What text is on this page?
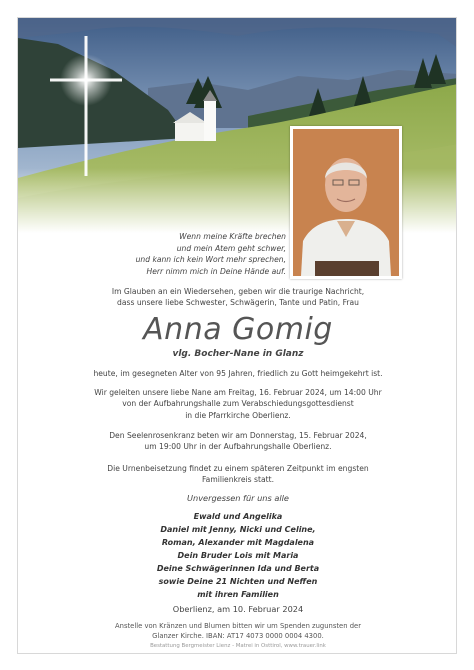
Wenn meine Kräfte brechen

und mein Atem geht schwer,

und kann ich kein Wort mehr sprechen,

Herr nimm mich in Deine Hände auf.

Im Glauben an ein Wiedersehen, geben wir die traurige Nachricht,

dass unsere liebe Schwester, Schwägerin, Tante und Patin, Frau

Anna Gomig
vlg. Bocher-Nane in Glanz
heute, im gesegneten Alter von 95 Jahren, friedlich zu Gott heimgekehrt ist.

Wir geleiten unsere liebe Nane am Freitag, 16. Februar 2024, um 14:00 Uhr

von der Aufbahrungshalle zum Verabschiedungsgottesdienst

in die Pfarrkirche Oberlienz.

Den Seelenrosenkranz beten wir am Donnerstag, 15. Februar 2024,

um 19:00 Uhr in der Aufbahrungshalle Oberlienz.

Die Urnenbeisetzung findet zu einem späteren Zeitpunkt im engsten

Familienkreis statt.

Unvergessen für uns alle

Ewald und Angelika

Daniel mit Jenny, Nicki und Celine,

Roman, Alexander mit Magdalena

Dein Bruder Lois mit Maria

Deine Schwägerinnen Ida und Berta

sowie Deine 21 Nichten und Neffen

mit ihren Familien

Oberlienz, am 10. Februar 2024

Anstelle von Kränzen und Blumen bitten wir um Spenden zugunsten der

Glanzer Kirche. IBAN: AT17 4073 0000 0004 4300.

Bestattung Bergmeister Lienz - Matrei in Osttirol, www.trauer.link
